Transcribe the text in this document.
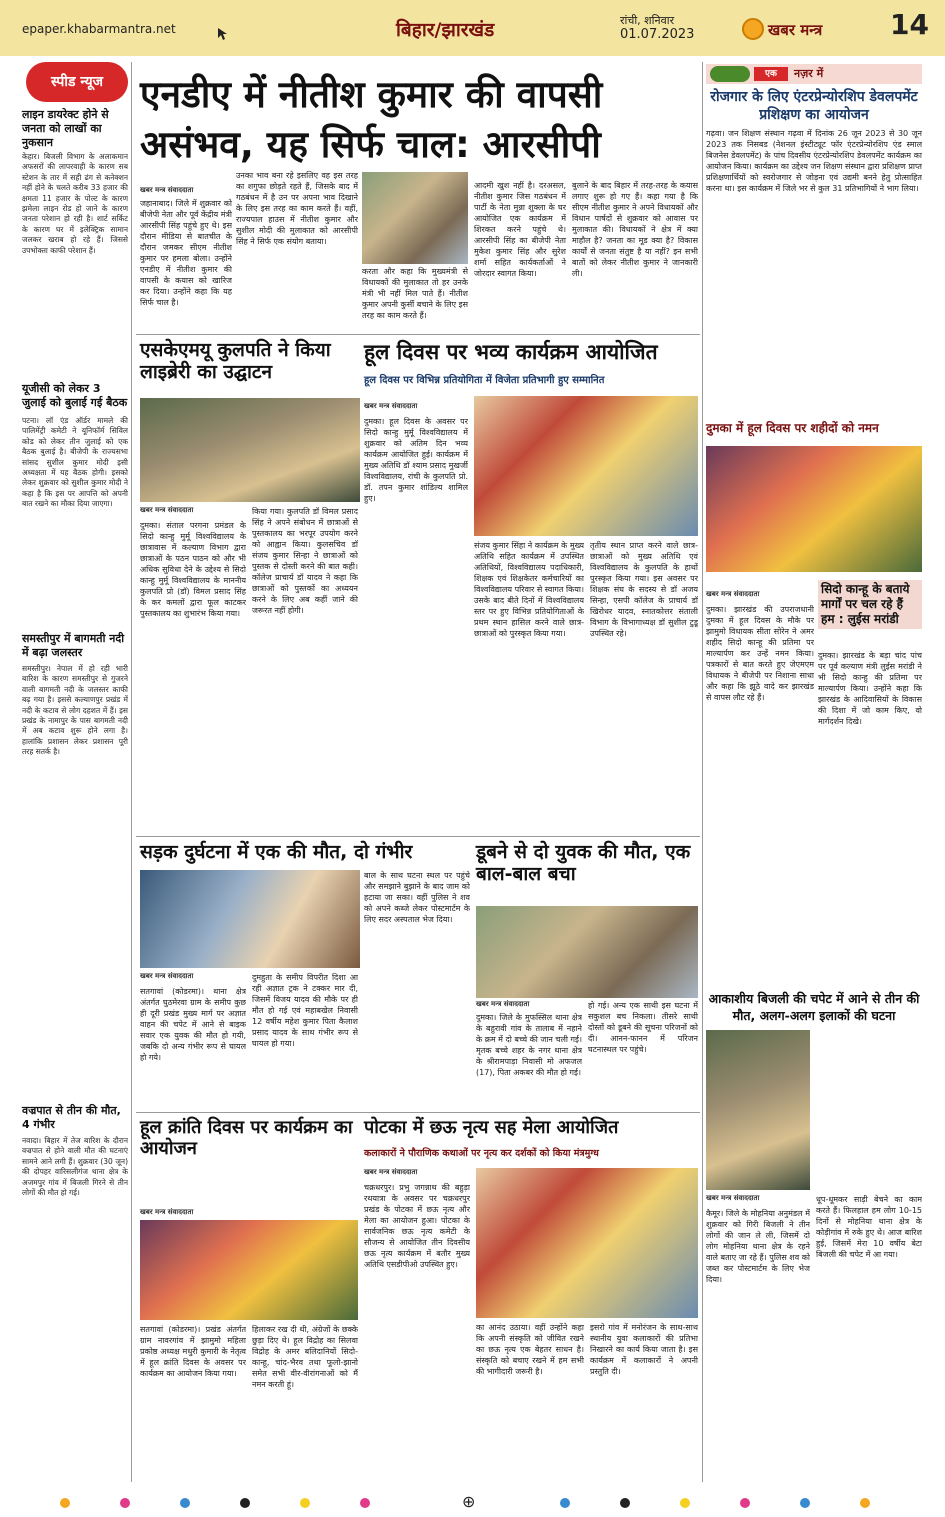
epaper.khabarmantra.net	बिहार/झारखंड	रांची, शनिवार
01.07.2023	खबर मन्त्र 14
स्पीड न्यूज
लाइन डायरेक्ट होने से जनता को लाखों का नुकसान
केहार। बिजली विभाग के अलाकमान अफसरों की लापरवाही के कारण सब स्टेशन के तार में सही ढंग से कनेक्शन नहीं होने के चलते करीब 33 हजार की क्षमता 11 हजार के पोल्ट के कारण झमेला लाइन रोड हो जाने के कारण जनता परेशान हो रही है। शार्ट सर्किट के कारण घर में इलेक्ट्रिक सामान जलकर खराब हो रहे हैं। जिससे उपभोक्ता काफी परेशान हैं।
यूजीसी को लेकर 3 जुलाई को बुलाई गई बैठक
पटना। लॉ एंड ऑर्डर मामले की पालिमेंट्री कमेटी ने यूनिफॉर्म सिविल कोड को लेकर तीन जुलाई को एक बैठक बुलाई है। बीजेपी के राज्यसभा सांसद सुशील कुमार मोदी इसी अध्यक्षता में यह बैठक होगी। इसको लेकर शुक्रवार को सुशील कुमार मोदी ने कहा है कि इस पर आपत्ति को अपनी बात रखने का मौका दिया जाएगा।
समस्तीपुर में बागमती नदी में बढ़ा जलस्तर
समस्तीपुर। नेपाल में हो रही भारी बारिश के कारण समस्तीपुर से गुजरने वाली बागमती नदी के जलस्तर काफी बढ़ गया है। इससे कल्याणपुर प्रखंड में नदी के कटाव से लोग दहशत में हैं। इस प्रखंड के नामापुर के पास बागमती नदी में अब कटाव शुरू होने लगा है। हालांकि प्रशासन लेकर प्रशासन पूरी तरह सतर्क है।
वज्रपात से तीन की मौत, 4 गंभीर
नवादा। बिहार में तेज बारिश के दौरान वज्रपात से होने वाली मौत की घटनाएं सामने आने लगी हैं। शुक्रवार (30 जून) की दोपहर वारिसलीगंज थाना क्षेत्र के अजमपुर गांव में बिजली गिरने से तीन लोगों की मौत हो गई।
एनडीए में नीतीश कुमार की वापसी असंभव, यह सिर्फ चाल: आरसीपी
खबर मन्त्र संवाददाता
जहानाबाद। जिले में शुक्रवार को बीजेपी नेता और पूर्व केंद्रीय मंत्री आरसीपी सिंह पहुंचे हुए थे। इस दौरान मीडिया से बातचीत के दौरान जमकर सीएम नीतीश कुमार पर हमला बोला। उन्होंने एनडीए में नीतीश कुमार की वापसी के कयास को खारिज कर दिया। उन्होंने कहा कि यह सिर्फ चाल है।
उनका भाव बना रहे इसलिए वह इस तरह का शगुफा छोड़ते रहते हैं, जिसके बाद में गठबंधन में है उन पर अपना भाव दिखाने के लिए इस तरह का काम करते हैं। वहीं, राज्यपाल हाउस में नीतीश कुमार और सुशील मोदी की मुलाकात को आरसीपी सिंह ने सिर्फ एक संयोग बताया।
करता और कहा कि मुख्यमंत्री से विधायकों की मुलाकात तो हर उनके मंत्री भी नहीं मिल पाते हैं। नीतीश कुमार अपनी कुर्सी बचाने के लिए इस तरह का काम करते हैं।
आदमी खुश नहीं है। दरअसल, नीतीश कुमार जिस गठबंधन में पार्टी के नेता मुन्ना शुक्ला के घर आयोजित एक कार्यक्रम में शिरकत करने पहुंचे थे। आरसीपी सिंह का बीजेपी नेता मुकेश कुमार सिंह और सुरेश शर्मा सहित कार्यकर्ताओं ने जोरदार स्वागत किया।
बुलाने के बाद बिहार में तरह-तरह के कयास लगाए शुरू हो गए हैं। कहा गया है कि सीएम नीतीश कुमार ने अपने विधायकों और विधान पार्षदों से शुक्रवार को आवास पर मुलाकात की। विधायकों ने क्षेत्र में क्या माहौल है? जनता का मूड क्या है? विकास कार्यों से जनता संतुष्ट है या नहीं? इन सभी बातों को लेकर नीतीश कुमार ने जानकारी ली।
एसकेएमयू कुलपति ने किया लाइब्रेरी का उद्घाटन
खबर मन्त्र संवाददाता
दुमका। संताल परगना प्रमंडल के सिदो कान्हु मुर्मू विश्वविद्यालय के छात्रावास में कल्याण विभाग द्वारा छात्राओं के पठन पाठन को और भी अधिक सुविधा देने के उद्देश्य से सिदो कान्हु मुर्मू विश्वविद्यालय के माननीय कुलपति प्रो (डॉ) विमल प्रसाद सिंह के कर कमलों द्वारा फूल काटकर पुस्तकालय का शुभारंभ किया गया।
किया गया। कुलपति डॉ विमल प्रसाद सिंह ने अपने संबोधन में छात्राओं से पुस्तकालय का भरपूर उपयोग करने को आह्वान किया। कुलसचिव डॉ संजय कुमार सिन्हा ने छात्राओं को पुस्तक से दोस्ती करने की बात कही। कॉलेज प्राचार्य डॉ यादव ने कहा कि छात्राओं को पुस्तकों का अध्ययन करने के लिए अब कहीं जाने की जरूरत नहीं होगी।
हूल दिवस पर भव्य कार्यक्रम आयोजित
हूल दिवस पर विभिन्न प्रतियोगिता में विजेता प्रतिभागी हुए सम्मानित
खबर मन्त्र संवाददाता
दुमका। हूल दिवस के अवसर पर सिदो कान्हु मुर्मू विश्वविद्यालय में शुक्रवार को अतिम दिन भव्य कार्यक्रम आयोजित हुई। कार्यक्रम में मुख्य अतिथि डॉ श्याम प्रसाद मुखर्जी विश्वविद्यालय, रांची के कुलपति प्रो. डॉ. तपन कुमार शांडिल्य शामिल हुए।
संजय कुमार सिंहा ने कार्यक्रम के मुख्य अतिथि सहित कार्यक्रम में उपस्थित अतिथियों, विश्वविद्यालय पदाधिकारी, शिक्षक एवं शिक्षकेतर कर्मचारियों का विश्वविद्यालय परिवार से स्वागत किया। उसके बाद बीते दिनों में विश्वविद्यालय स्तर पर हुए विभिन्न प्रतियोगिताओं के प्रथम स्थान हासिल करने वाले छात्र-छात्राओं को पुरस्कृत किया गया।
तृतीय स्थान प्राप्त करने वाले छात्र-छात्राओं को मुख्य अतिथि एवं विश्वविद्यालय के कुलपति के हाथों पुरस्कृत किया गया। इस अवसर पर शिक्षक संघ के सदस्य से डॉ अजय सिन्हा, एसपी कॉलेज के प्राचार्य डॉ खिरोधर यादव, स्नातकोत्तर संताली विभाग के विभागाध्यक्ष डॉ सुशील टुडू उपस्थित रहे।
सड़क दुर्घटना में एक की मौत, दो गंभीर
खबर मन्त्र संवाददाता
सतगावां (कोडरमा)। थाना क्षेत्र अंतर्गत घुठमेरवा ग्राम के समीप कुछ ही दूरी प्रखंड मुख्य मार्ग पर अज्ञात वाहन की चपेट में आने से बाइक सवार एक युवक की मौत हो गयी, जबकि दो अन्य गंभीर रूप से घायल हो गये।
दुमहुता के समीप विपरीत दिशा आ रही अज्ञात ट्रक ने टक्कर मार दी, जिसमें विजय यादव की मौके पर ही मौत हो गई एवं महाबखेल निवासी 12 वर्षीय महेश कुमार पिता कैलाश प्रसाद यादव के साथ गंभीर रूप से घायल हो गया।
बाल के साथ घटना स्थल पर पहुंचे और समझाने बुझाने के बाद जाम को हटाया जा सका। वहीं पुलिस ने शव को अपने कब्जे लेकर पोस्टमार्टम के लिए सदर अस्पताल भेज दिया।
डूबने से दो युवक की मौत, एक बाल-बाल बचा
खबर मन्त्र संवाददाता
दुमका। जिले के मुफस्सिल थाना क्षेत्र के बहुरावी गांव के तालाब में नहाने के क्रम में दो बच्चे की जान चली गई। मृतक बच्चे शहर के नगर थाना क्षेत्र के श्रीरामपाड़ा निवासी मो अफजल (17), पिता अकबर की मौत हो गई।
हो गई। अन्य एक साथी इस घटना में सकुशल बच निकला। तीसरे साथी दोस्तों को डूबने की सूचना परिजनों को दी। आनन-फानन में परिजन घटनास्थल पर पहुंचे।
हूल क्रांति दिवस पर कार्यक्रम का आयोजन
खबर मन्त्र संवाददाता
सतगावां (कोडरमा)। प्रखंड अंतर्गत ग्राम नावरगांव में झामुमो महिला प्रकोष्ठ अध्यक्ष मधुरी कुमारी के नेतृत्व में हूल क्रांति दिवस के अवसर पर कार्यक्रम का आयोजन किया गया।
हिलाकर रख दी थी, अंग्रेजों के छक्के छुड़ा दिए थे। हूल विद्रोह का सिलवा विद्रोह के अमर बलिदानियों सिदो-कान्हू, चांद-भैरव तथा फूलो-झानो समेत सभी वीर-वीरांगनाओं को मैं नमन करती हूं।
पोटका में छऊ नृत्य सह मेला आयोजित
कलाकारों ने पौराणिक कथाओं पर नृत्य कर दर्शकों को किया मंत्रमुग्ध
खबर मन्त्र संवाददाता
चक्रधरपुर। प्रभु जगन्नाथ की बहुड़ा रथयात्रा के अवसर पर चक्रधरपुर प्रखंड के पोटका में छऊ नृत्य और मेला का आयोजन हुआ। पोटका के सार्वजनिक छऊ नृत्य कमेटी के सौजन्य से आयोजित तीन दिवसीय छऊ नृत्य कार्यक्रम में बतौर मुख्य अतिथि एसडीपीओ उपस्थित हुए।
का आनंद उठाया। वहीं उन्होंने कहा कि अपनी संस्कृति को जीवित रखने का छऊ नृत्य एक बेहतर साधन है। संस्कृति को बचाए रखने में हम सभी की भागीदारी जरूरी है।
इसरो गांव में मनोरंजन के साथ-साथ स्थानीय युवा कलाकारों की प्रतिभा निखारने का कार्य किया जाता है। इस कार्यक्रम में कलाकारों ने अपनी प्रस्तुति दी।
एक	नज़र में
रोजगार के लिए एंटरप्रेन्योरशिप डेवलपमेंट प्रशिक्षण का आयोजन
गढ़वा। जन शिक्षण संस्थान गढ़वा में दिनांक 26 जून 2023 से 30 जून 2023 तक निसबड (नेशनल इंस्टीट्यूट फॉर एंटरप्रेन्योरशिप एंड स्माल बिजनेस डेवलपमेंट) के पांच दिवसीय एंटरप्रेन्योरशिप डेवलपमेंट कार्यक्रम का आयोजन किया। कार्यक्रम का उद्देश्य जन शिक्षण संस्थान द्वारा प्रशिक्षण प्राप्त प्रशिक्षणार्थियों को स्वरोजगार से जोड़ना एवं उद्यमी बनने हेतु प्रोत्साहित करना था। इस कार्यक्रम में जिले भर से कुल 31 प्रतिभागियों ने भाग लिया।
दुमका में हूल दिवस पर शहीदों को नमन
खबर मन्त्र संवाददाता
दुमका। झारखंड की उपराजधानी दुमका में हूल दिवस के मौके पर झामुमो विधायक सीता सोरेन ने अमर शहीद सिदो कान्हू की प्रतिमा पर माल्यार्पण कर उन्हें नमन किया। पत्रकारों से बात करते हुए जेएमएम विधायक ने बीजेपी पर निशाना साधा और कहा कि झूठे वादे कर झारखंड से वापस लौट रहे हैं।
सिदो कान्हू के बताये मार्गों पर चल रहे हैं हम : लुईस मरांडी
दुमका। झारखंड के बड़ा चांद पांच पर पूर्व कल्याण मंत्री लुईस मरांडी ने भी सिदो कान्हु की प्रतिमा पर माल्यार्पण किया। उन्होंने कहा कि झारखंड के आदिवासियों के विकास की दिशा में जो काम किए, वो मार्गदर्शन दिखे।
आकाशीय बिजली की चपेट में आने से तीन की मौत, अलग-अलग इलाकों की घटना
खबर मन्त्र संवाददाता
कैमूर। जिले के मोहनिया अनुमंडल में शुक्रवार को गिरी बिजली ने तीन लोगों की जान ले ली, जिसमें दो लोग मोहनिया थाना क्षेत्र के रहने वाले बताए जा रहे हैं। पुलिस शव को जब्त कर पोस्टमार्टम के लिए भेज दिया।
धूप-धूमकर साड़ी बेचने का काम करते हैं। फिलहाल हम लोग 10-15 दिनों से मोहनिया थाना क्षेत्र के कोड़ीगांव में रुके हुए थे। आज बारिश हुई, जिसमें मेरा 10 वर्षीय बेटा बिजली की चपेट में आ गया।
⊕
